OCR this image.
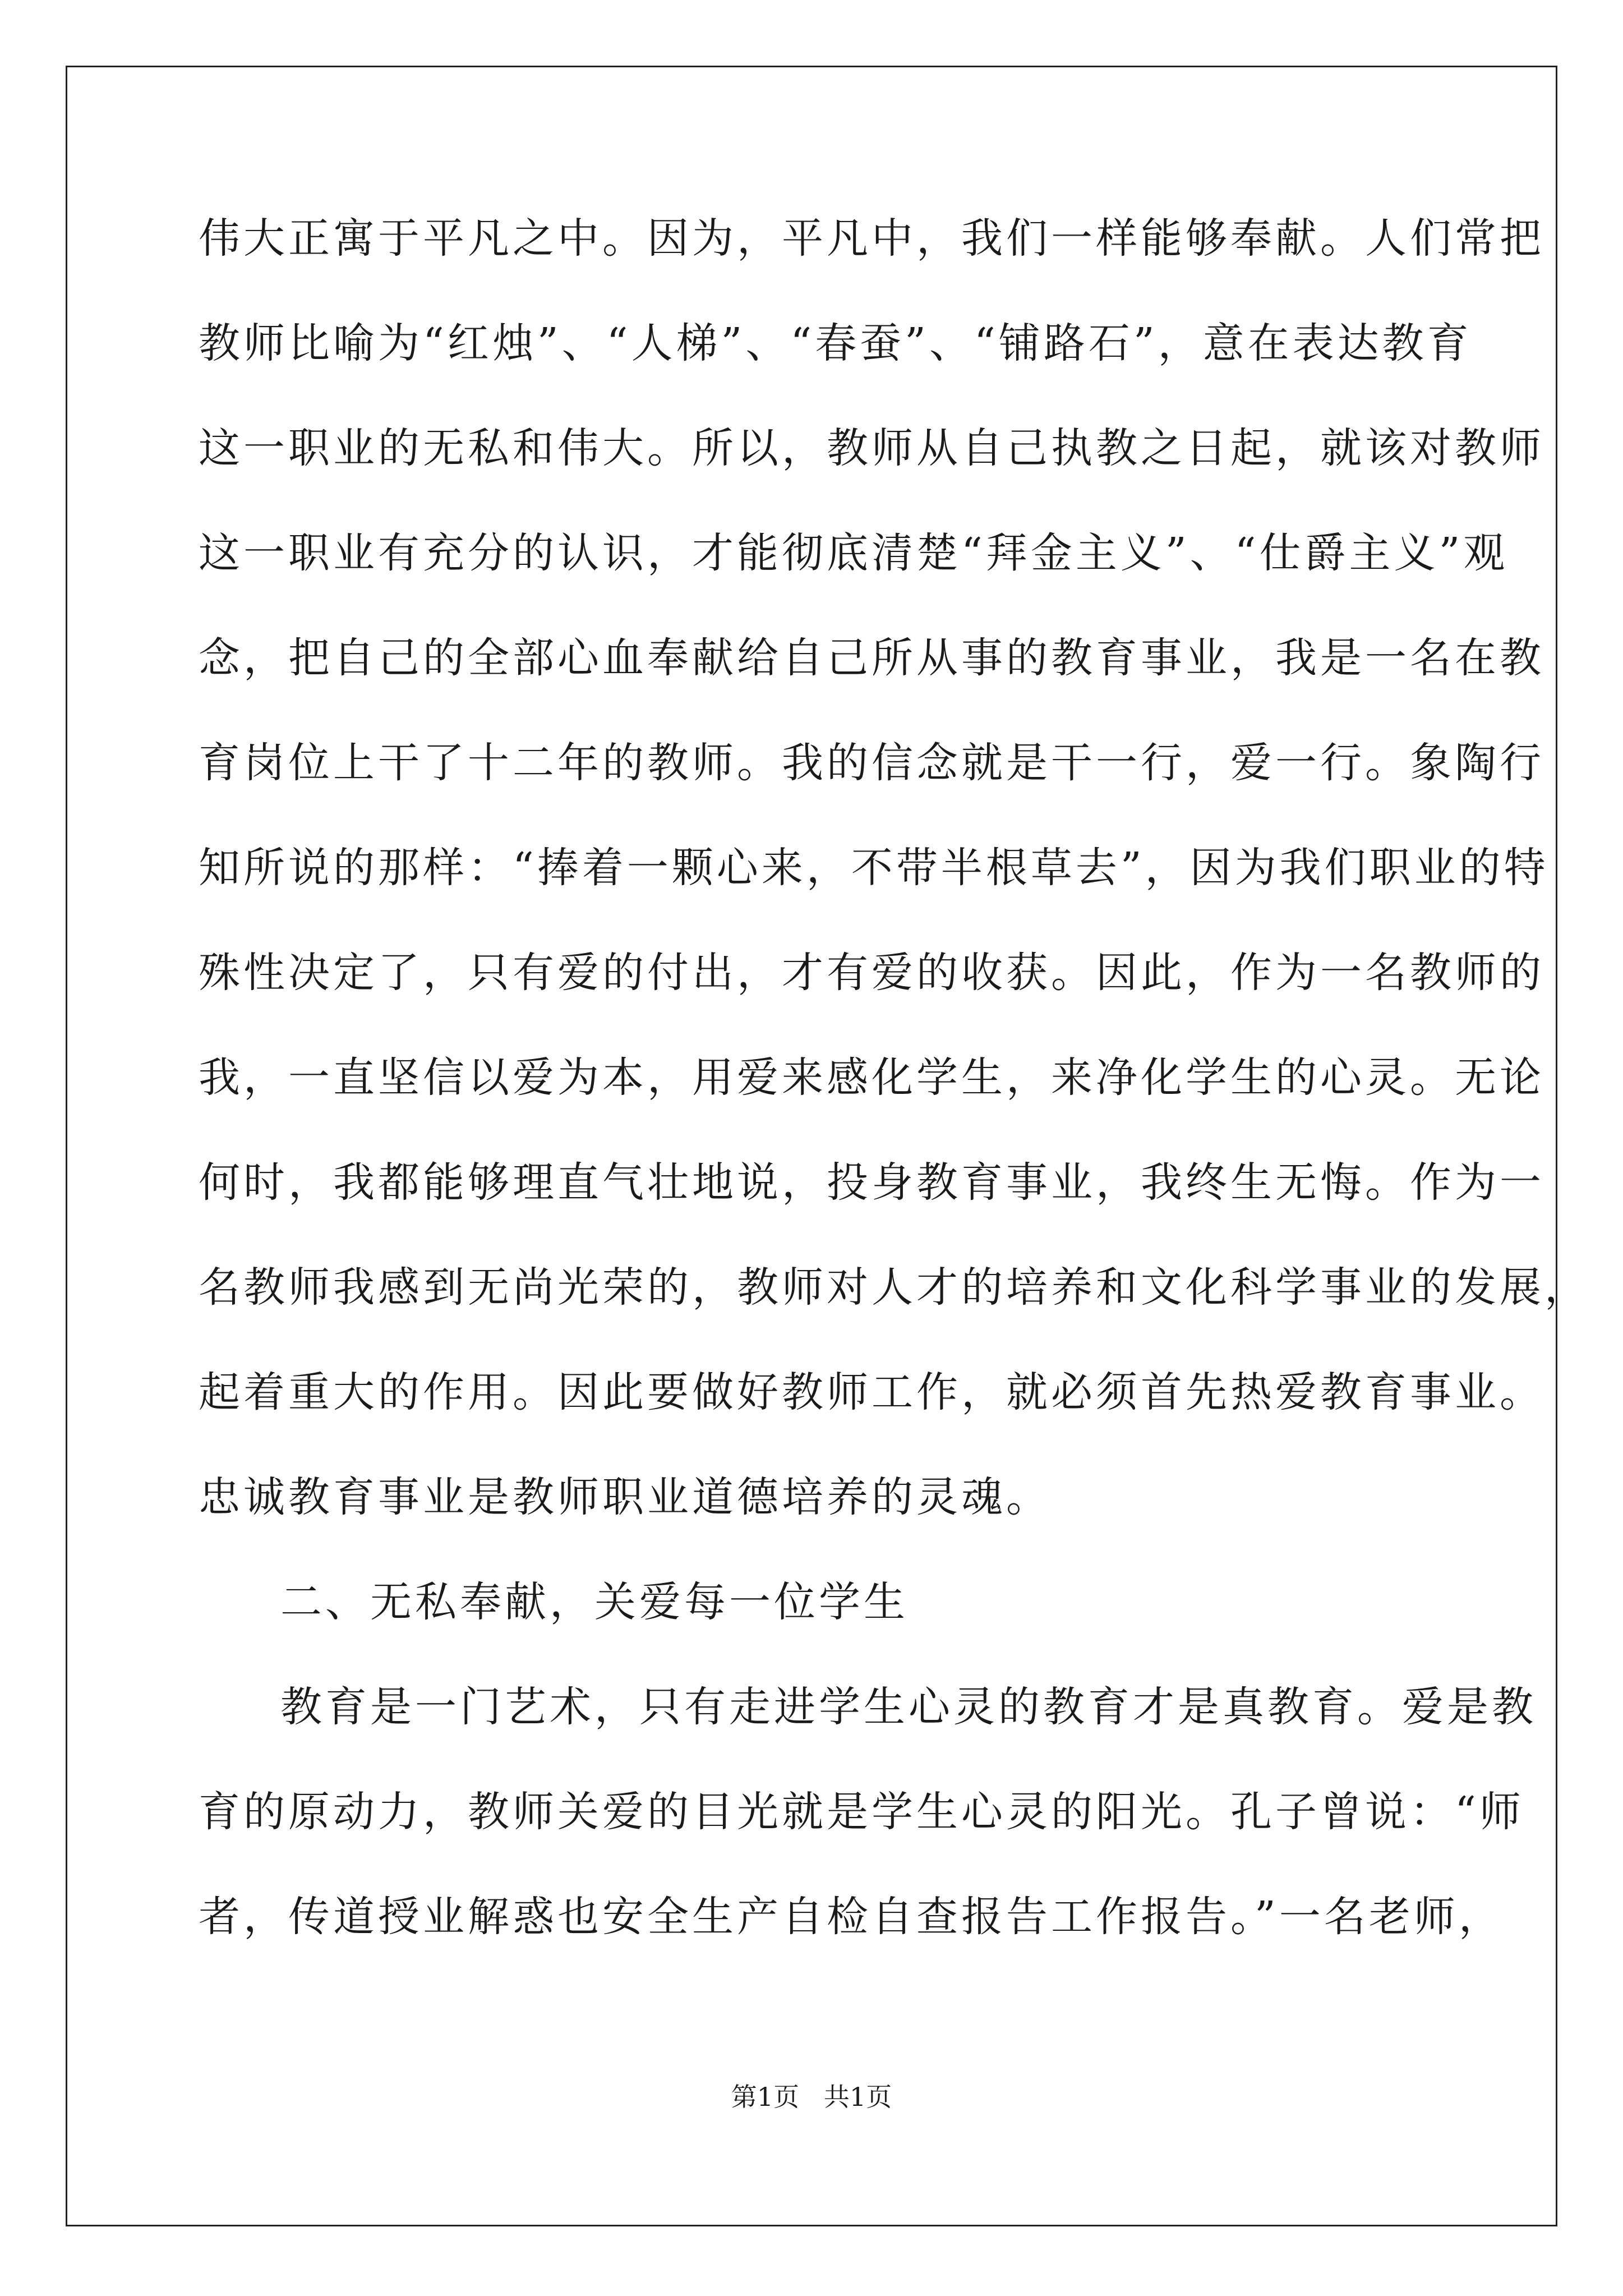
伟大正寓于平凡之中。因为，平凡中，我们一样能够奉献。人们常把
教师比喻为“红烛”、“人梯”、“春蚕”、“铺路石”，意在表达教育
这一职业的无私和伟大。所以，教师从自己执教之日起，就该对教师
这一职业有充分的认识，才能彻底清楚“拜金主义”、“仕爵主义”观
念，把自己的全部心血奉献给自己所从事的教育事业，我是一名在教
育岗位上干了十二年的教师。我的信念就是干一行，爱一行。象陶行
知所说的那样：“捧着一颗心来，不带半根草去”，因为我们职业的特
殊性决定了，只有爱的付出，才有爱的收获。因此，作为一名教师的
我，一直坚信以爱为本，用爱来感化学生，来净化学生的心灵。无论
何时，我都能够理直气壮地说，投身教育事业，我终生无悔。作为一
名教师我感到无尚光荣的，教师对人才的培养和文化科学事业的发展，
起着重大的作用。因此要做好教师工作，就必须首先热爱教育事业。
忠诚教育事业是教师职业道德培养的灵魂。
二、无私奉献，关爱每一位学生
教育是一门艺术，只有走进学生心灵的教育才是真教育。爱是教
育的原动力，教师关爱的目光就是学生心灵的阳光。孔子曾说：“师
者，传道授业解惑也安全生产自检自查报告工作报告。”一名老师，
第1页   共1页
